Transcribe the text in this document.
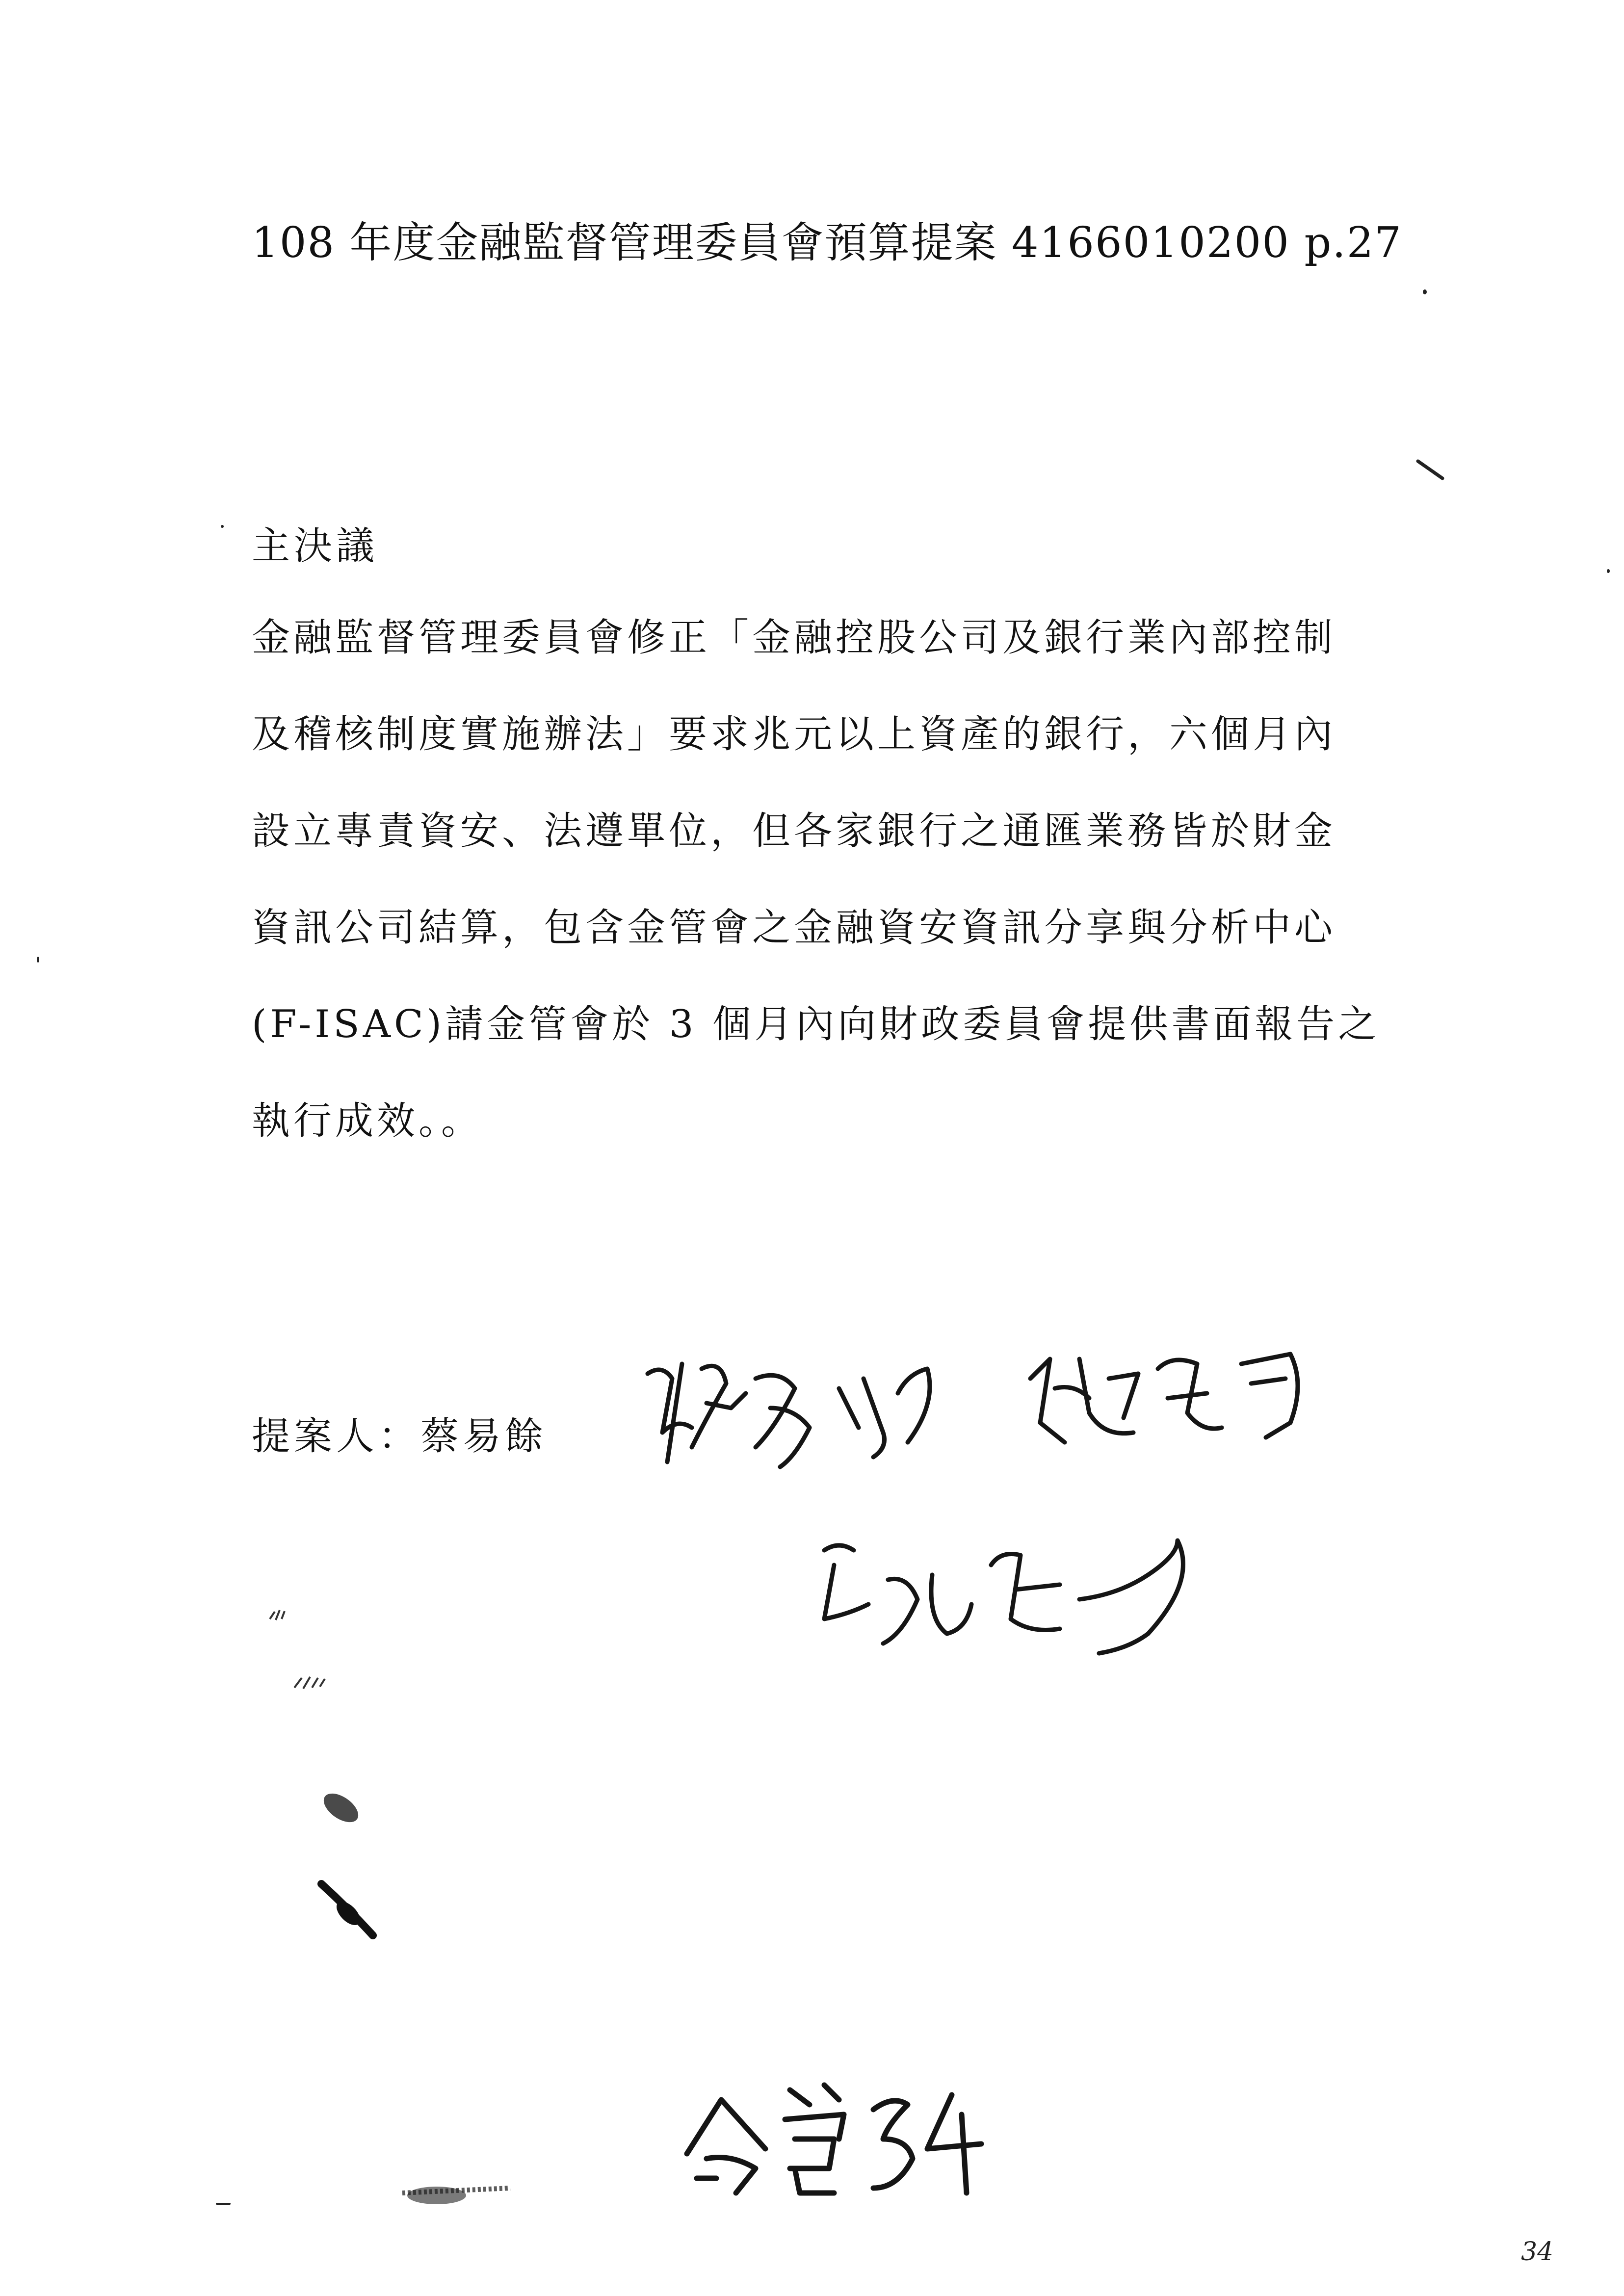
108 年度金融監督管理委員會預算提案 4166010200 p.27
主決議
金融監督管理委員會修正「金融控股公司及銀行業內部控制
及稽核制度實施辦法」要求兆元以上資產的銀行，六個月內
設立專責資安、法遵單位，但各家銀行之通匯業務皆於財金
資訊公司結算，包含金管會之金融資安資訊分享與分析中心
(F-ISAC)請金管會於 3 個月內向財政委員會提供書面報告之
執行成效。。
提案人：蔡易餘
34
